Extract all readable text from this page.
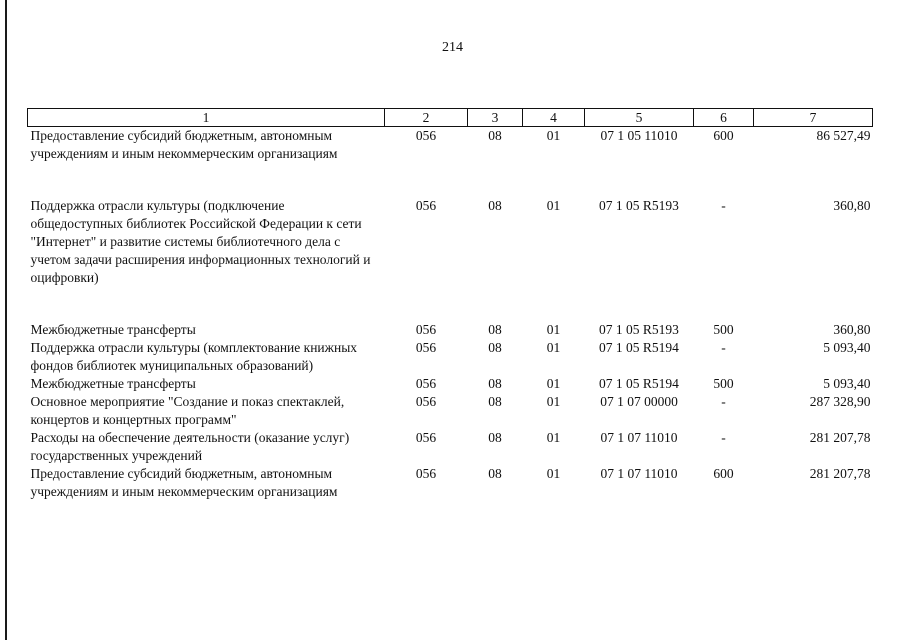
214
1	2	3	4	5	6	7
Предоставление субсидий бюджетным, автономным учреждениям и иным некоммерческим организациям	056	08	01	07 1 05 11010	600	86 527,49
Поддержка отрасли культуры (подключение общедоступных библиотек Российской Федерации к сети "Интернет" и развитие системы библиотечного дела с учетом задачи расширения информационных технологий и оцифровки)	056	08	01	07 1 05 R5193	-	360,80
Межбюджетные трансферты	056	08	01	07 1 05 R5193	500	360,80
Поддержка отрасли культуры (комплектование книжных фондов библиотек муниципальных образований)	056	08	01	07 1 05 R5194	-	5 093,40
Межбюджетные трансферты	056	08	01	07 1 05 R5194	500	5 093,40
Основное мероприятие "Создание и показ спектаклей, концертов и концертных программ"	056	08	01	07 1 07 00000	-	287 328,90
Расходы на обеспечение деятельности (оказание услуг) государственных учреждений	056	08	01	07 1 07 11010	-	281 207,78
Предоставление субсидий бюджетным, автономным учреждениям и иным некоммерческим организациям	056	08	01	07 1 07 11010	600	281 207,78
